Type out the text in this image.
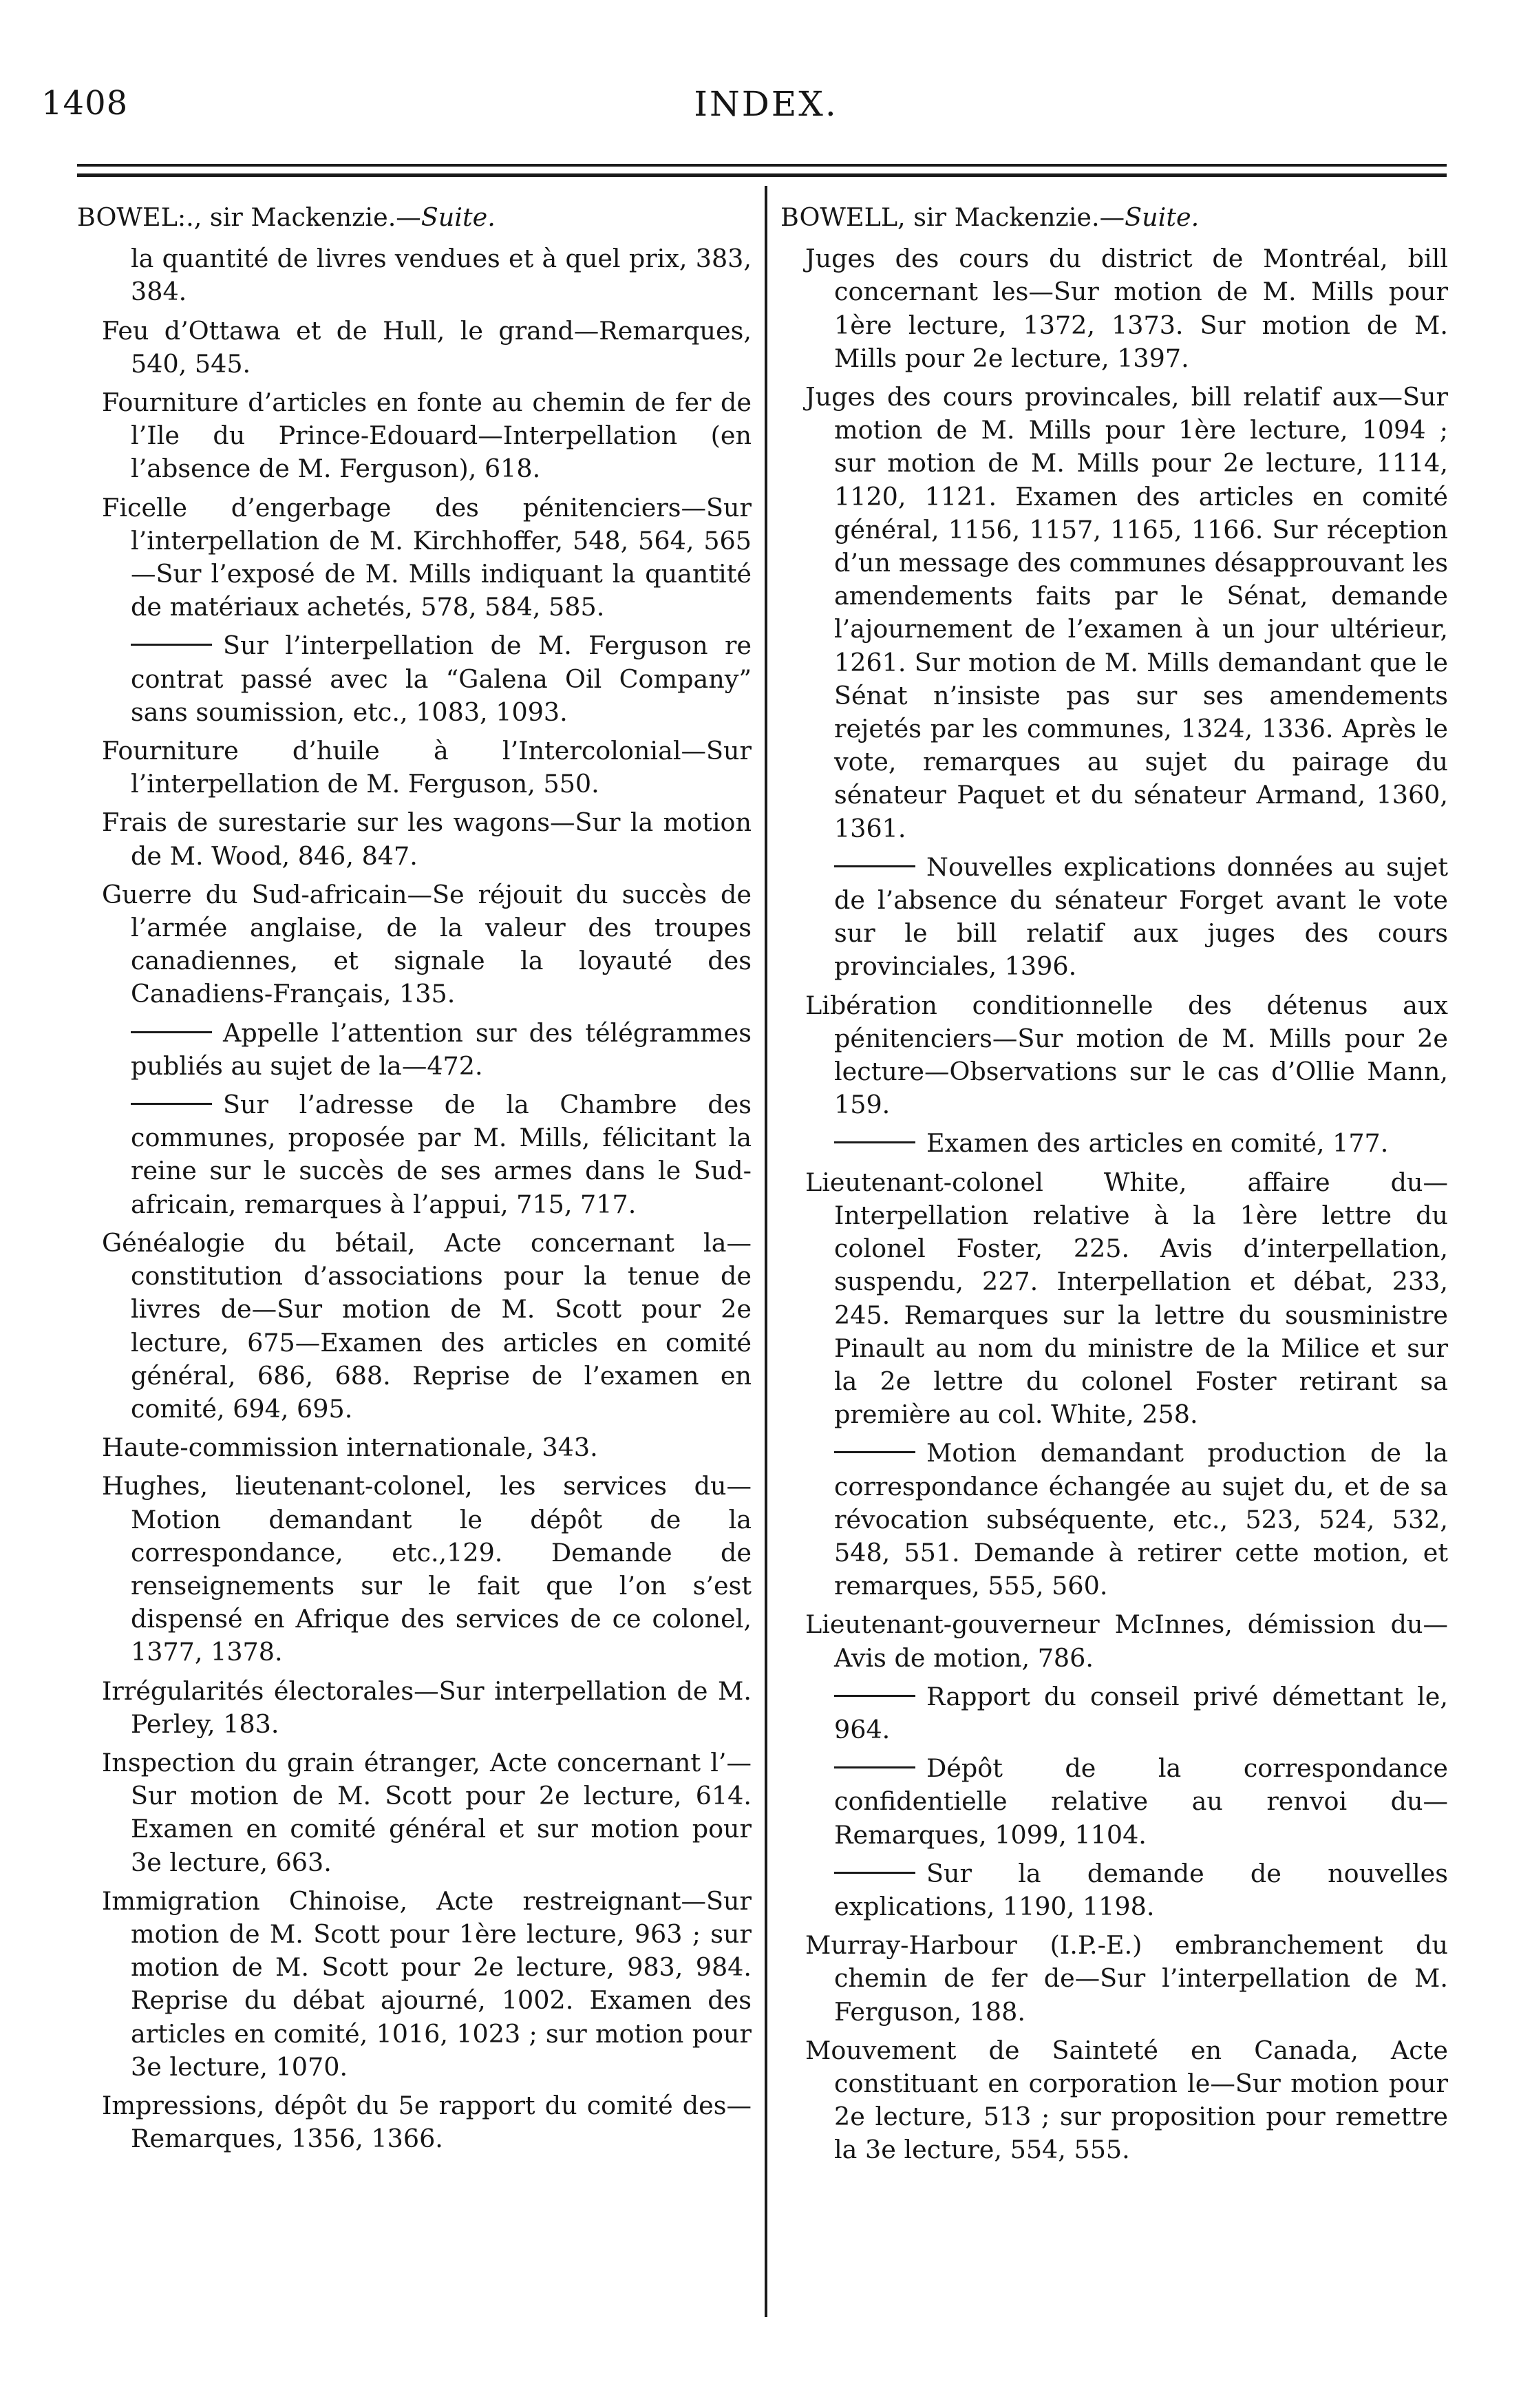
1408	INDEX.
BOWEL:., sir Mackenzie.—Suite.
la quantité de livres vendues et à quel prix, 383, 384.
Feu d’Ottawa et de Hull, le grand—Remarques, 540, 545.
Fourniture d’articles en fonte au chemin de fer de l’Ile du Prince-Edouard—Interpellation (en l’absence de M. Ferguson), 618.
Ficelle d’engerbage des pénitenciers—Sur l’interpellation de M. Kirchhoffer, 548, 564, 565—Sur l’exposé de M. Mills indiquant la quantité de matériaux achetés, 578, 584, 585.
Sur l’interpellation de M. Ferguson re contrat passé avec la “Galena Oil Company” sans soumission, etc., 1083, 1093.
Fourniture d’huile à l’Intercolonial—Sur l’interpellation de M. Ferguson, 550.
Frais de surestarie sur les wagons—Sur la motion de M. Wood, 846, 847.
Guerre du Sud-africain—Se réjouit du succès de l’armée anglaise, de la valeur des troupes canadiennes, et signale la loyauté des Canadiens-Français, 135.
Appelle l’attention sur des télégrammes publiés au sujet de la—472.
Sur l’adresse de la Chambre des communes, proposée par M. Mills, félicitant la reine sur le succès de ses armes dans le Sud-africain, remarques à l’appui, 715, 717.
Généalogie du bétail, Acte concernant la—constitution d’associations pour la tenue de livres de—Sur motion de M. Scott pour 2e lecture, 675—Examen des articles en comité général, 686, 688. Reprise de l’examen en comité, 694, 695.
Haute-commission internationale, 343.
Hughes, lieutenant-colonel, les services du—Motion demandant le dépôt de la correspondance, etc.,129. Demande de renseignements sur le fait que l’on s’est dispensé en Afrique des services de ce colonel, 1377, 1378.
Irrégularités électorales—Sur interpellation de M. Perley, 183.
Inspection du grain étranger, Acte concernant l’—Sur motion de M. Scott pour 2e lecture, 614. Examen en comité général et sur motion pour 3e lecture, 663.
Immigration Chinoise, Acte restreignant—Sur motion de M. Scott pour 1ère lecture, 963 ; sur motion de M. Scott pour 2e lecture, 983, 984. Reprise du débat ajourné, 1002. Examen des articles en comité, 1016, 1023 ; sur motion pour 3e lecture, 1070.
Impressions, dépôt du 5e rapport du comité des—Remarques, 1356, 1366.
BOWELL, sir Mackenzie.—Suite.
Juges des cours du district de Montréal, bill concernant les—Sur motion de M. Mills pour 1ère lecture, 1372, 1373. Sur motion de M. Mills pour 2e lecture, 1397.
Juges des cours provincales, bill relatif aux—Sur motion de M. Mills pour 1ère lecture, 1094 ; sur motion de M. Mills pour 2e lecture, 1114, 1120, 1121. Examen des articles en comité général, 1156, 1157, 1165, 1166. Sur réception d’un message des communes désapprouvant les amendements faits par le Sénat, demande l’ajournement de l’examen à un jour ultérieur, 1261. Sur motion de M. Mills demandant que le Sénat n’insiste pas sur ses amendements rejetés par les communes, 1324, 1336. Après le vote, remarques au sujet du pairage du sénateur Paquet et du sénateur Armand, 1360, 1361.
Nouvelles explications données au sujet de l’absence du sénateur Forget avant le vote sur le bill relatif aux juges des cours provinciales, 1396.
Libération conditionnelle des détenus aux pénitenciers—Sur motion de M. Mills pour 2e lecture—Observations sur le cas d’Ollie Mann, 159.
Examen des articles en comité, 177.
Lieutenant-colonel White, affaire du—Interpellation relative à la 1ère lettre du colonel Foster, 225. Avis d’interpellation, suspendu, 227. Interpellation et débat, 233, 245. Remarques sur la lettre du sousministre Pinault au nom du ministre de la Milice et sur la 2e lettre du colonel Foster retirant sa première au col. White, 258.
Motion demandant production de la correspondance échangée au sujet du, et de sa révocation subséquente, etc., 523, 524, 532, 548, 551. Demande à retirer cette motion, et remarques, 555, 560.
Lieutenant-gouverneur McInnes, démission du—Avis de motion, 786.
Rapport du conseil privé démettant le, 964.
Dépôt de la correspondance confidentielle relative au renvoi du—Remarques, 1099, 1104.
Sur la demande de nouvelles explications, 1190, 1198.
Murray-Harbour (I.P.-E.) embranchement du chemin de fer de—Sur l’interpellation de M. Ferguson, 188.
Mouvement de Sainteté en Canada, Acte constituant en corporation le—Sur motion pour 2e lecture, 513 ; sur proposition pour remettre la 3e lecture, 554, 555.
